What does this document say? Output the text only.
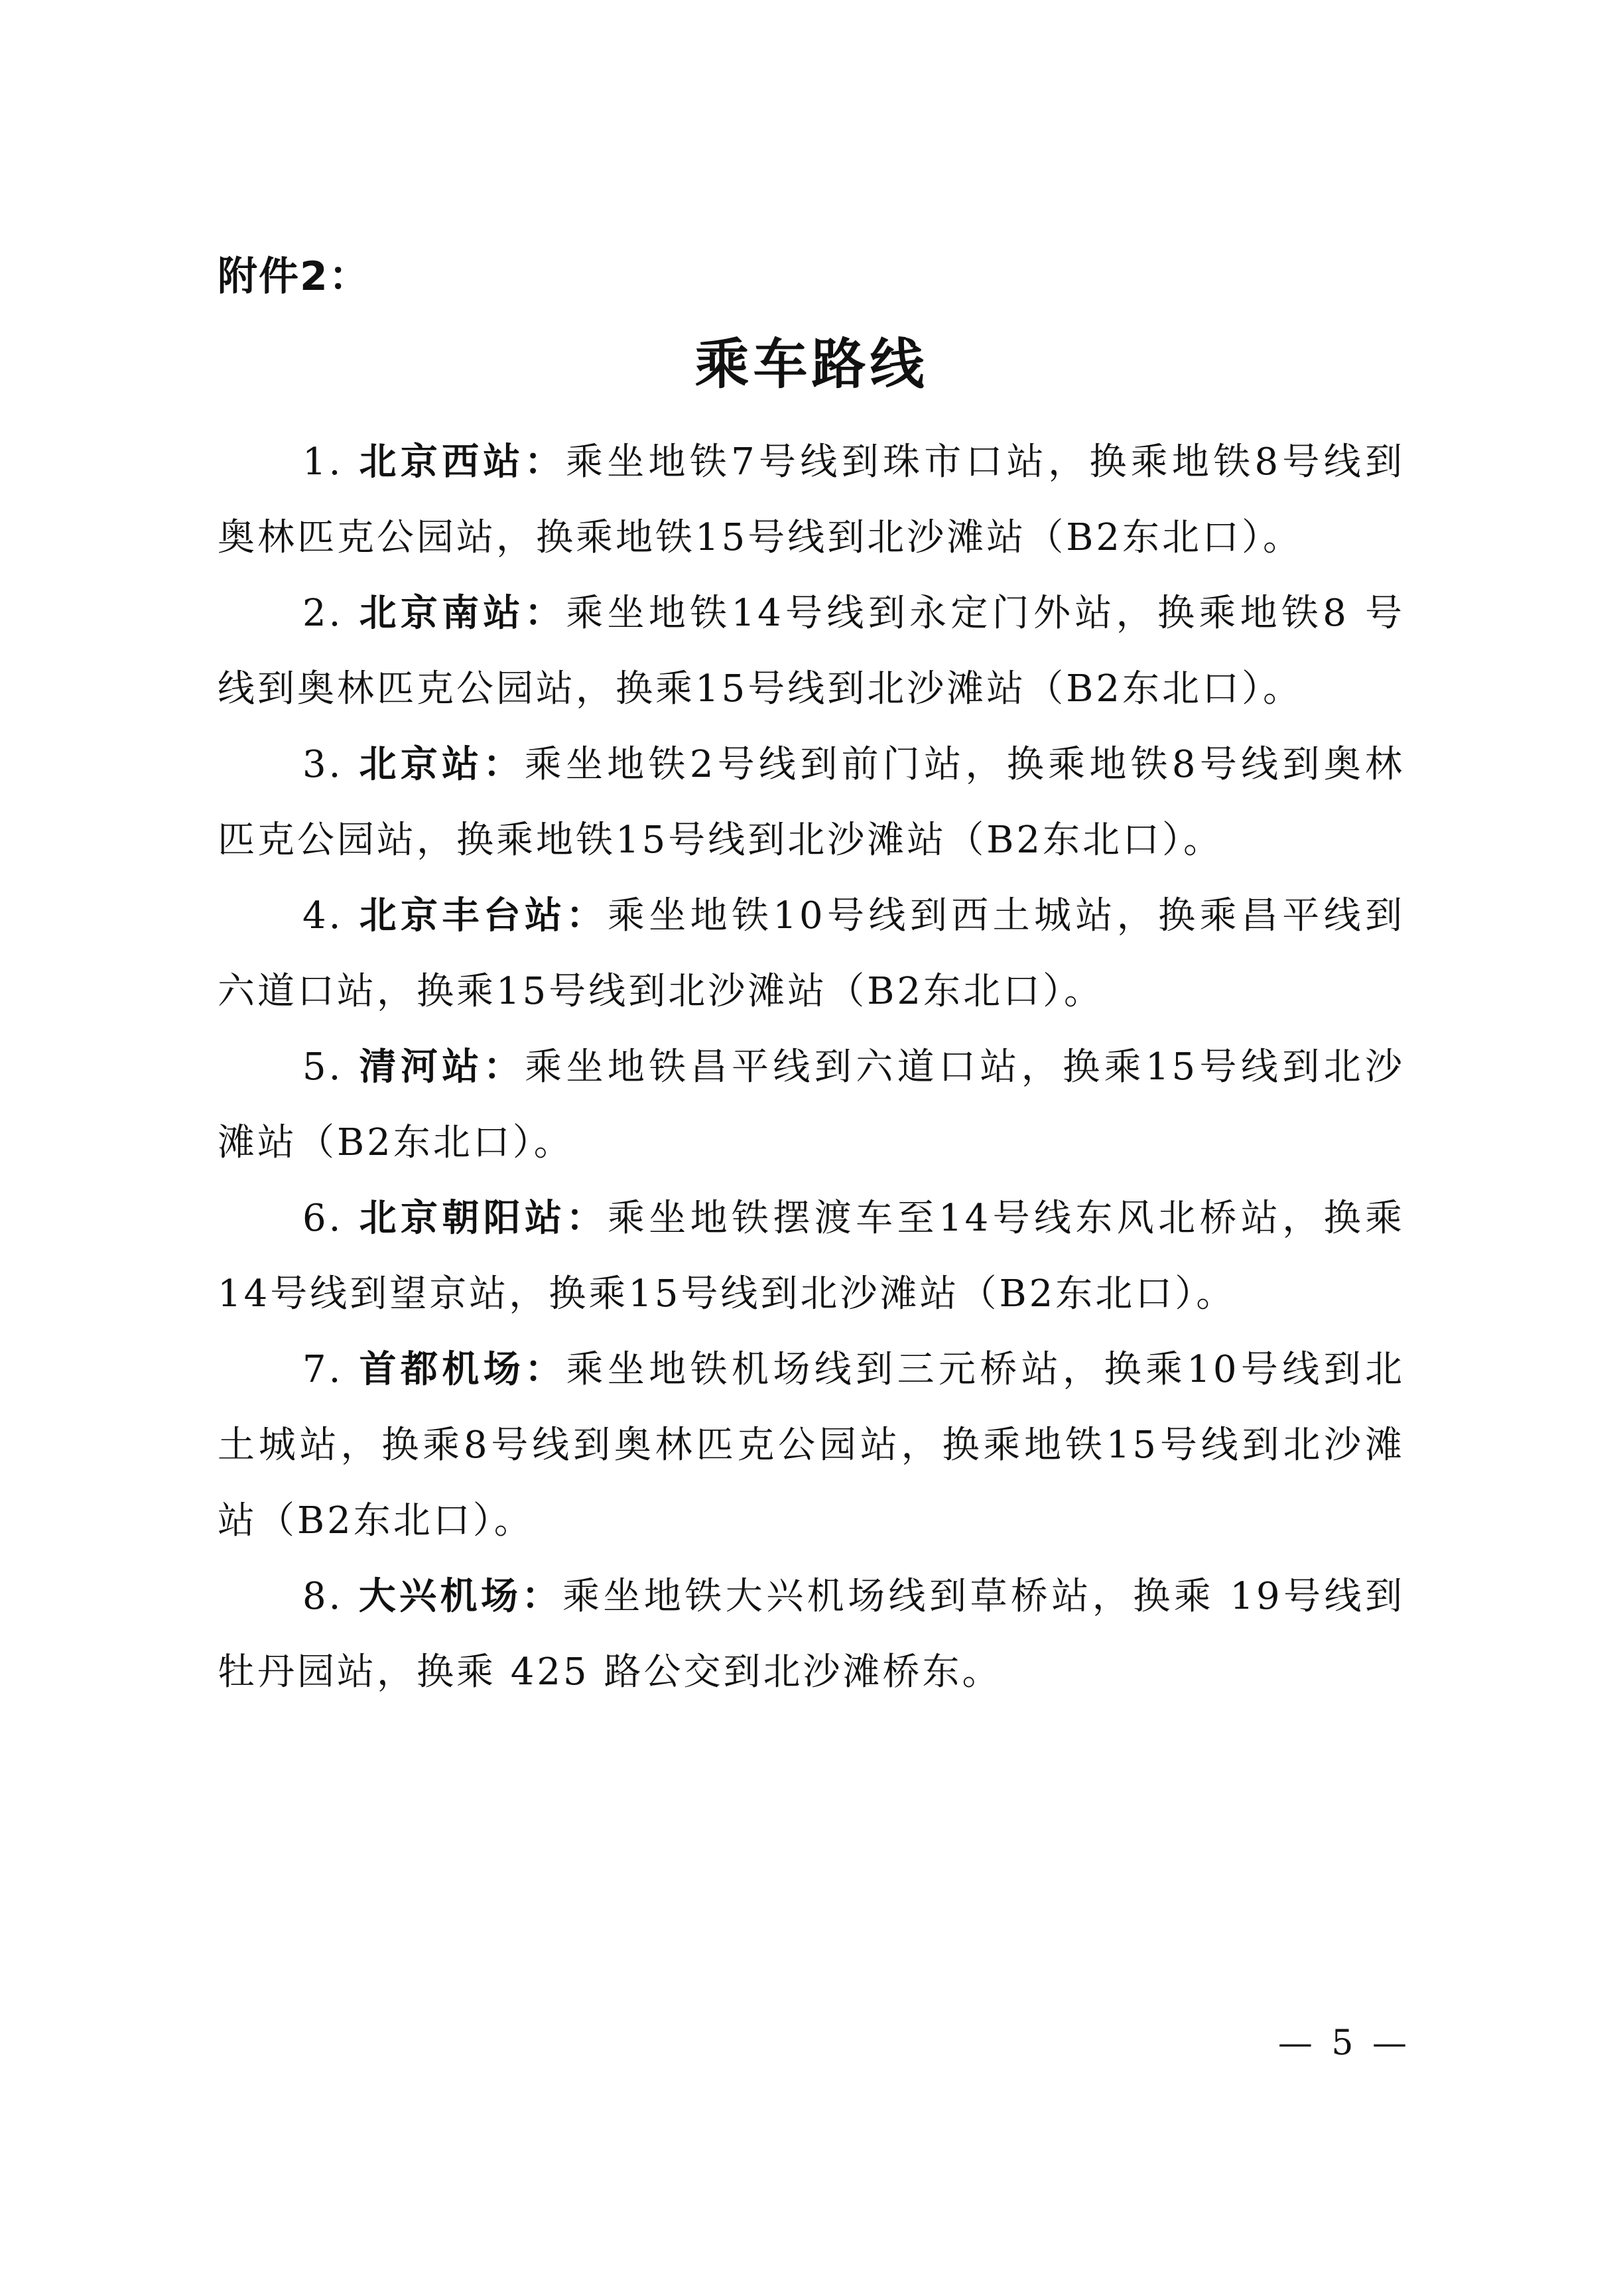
附件2：

乘车路线
1. 北京西站：乘坐地铁7号线到珠市口站，换乘地铁8号线到奥林匹克公园站，换乘地铁15号线到北沙滩站（B2东北口）。
2. 北京南站：乘坐地铁14号线到永定门外站，换乘地铁8 号线到奥林匹克公园站，换乘15号线到北沙滩站（B2东北口）。
3. 北京站：乘坐地铁2号线到前门站，换乘地铁8号线到奥林匹克公园站，换乘地铁15号线到北沙滩站（B2东北口）。
4. 北京丰台站：乘坐地铁10号线到西土城站，换乘昌平线到六道口站，换乘15号线到北沙滩站（B2东北口）。
5. 清河站：乘坐地铁昌平线到六道口站，换乘15号线到北沙滩站（B2东北口）。
6. 北京朝阳站：乘坐地铁摆渡车至14号线东风北桥站，换乘14号线到望京站，换乘15号线到北沙滩站（B2东北口）。
7. 首都机场：乘坐地铁机场线到三元桥站，换乘10号线到北土城站，换乘8号线到奥林匹克公园站，换乘地铁15号线到北沙滩站（B2东北口）。
8. 大兴机场：乘坐地铁大兴机场线到草桥站，换乘 19号线到牡丹园站，换乘 425 路公交到北沙滩桥东。

— 5 —
